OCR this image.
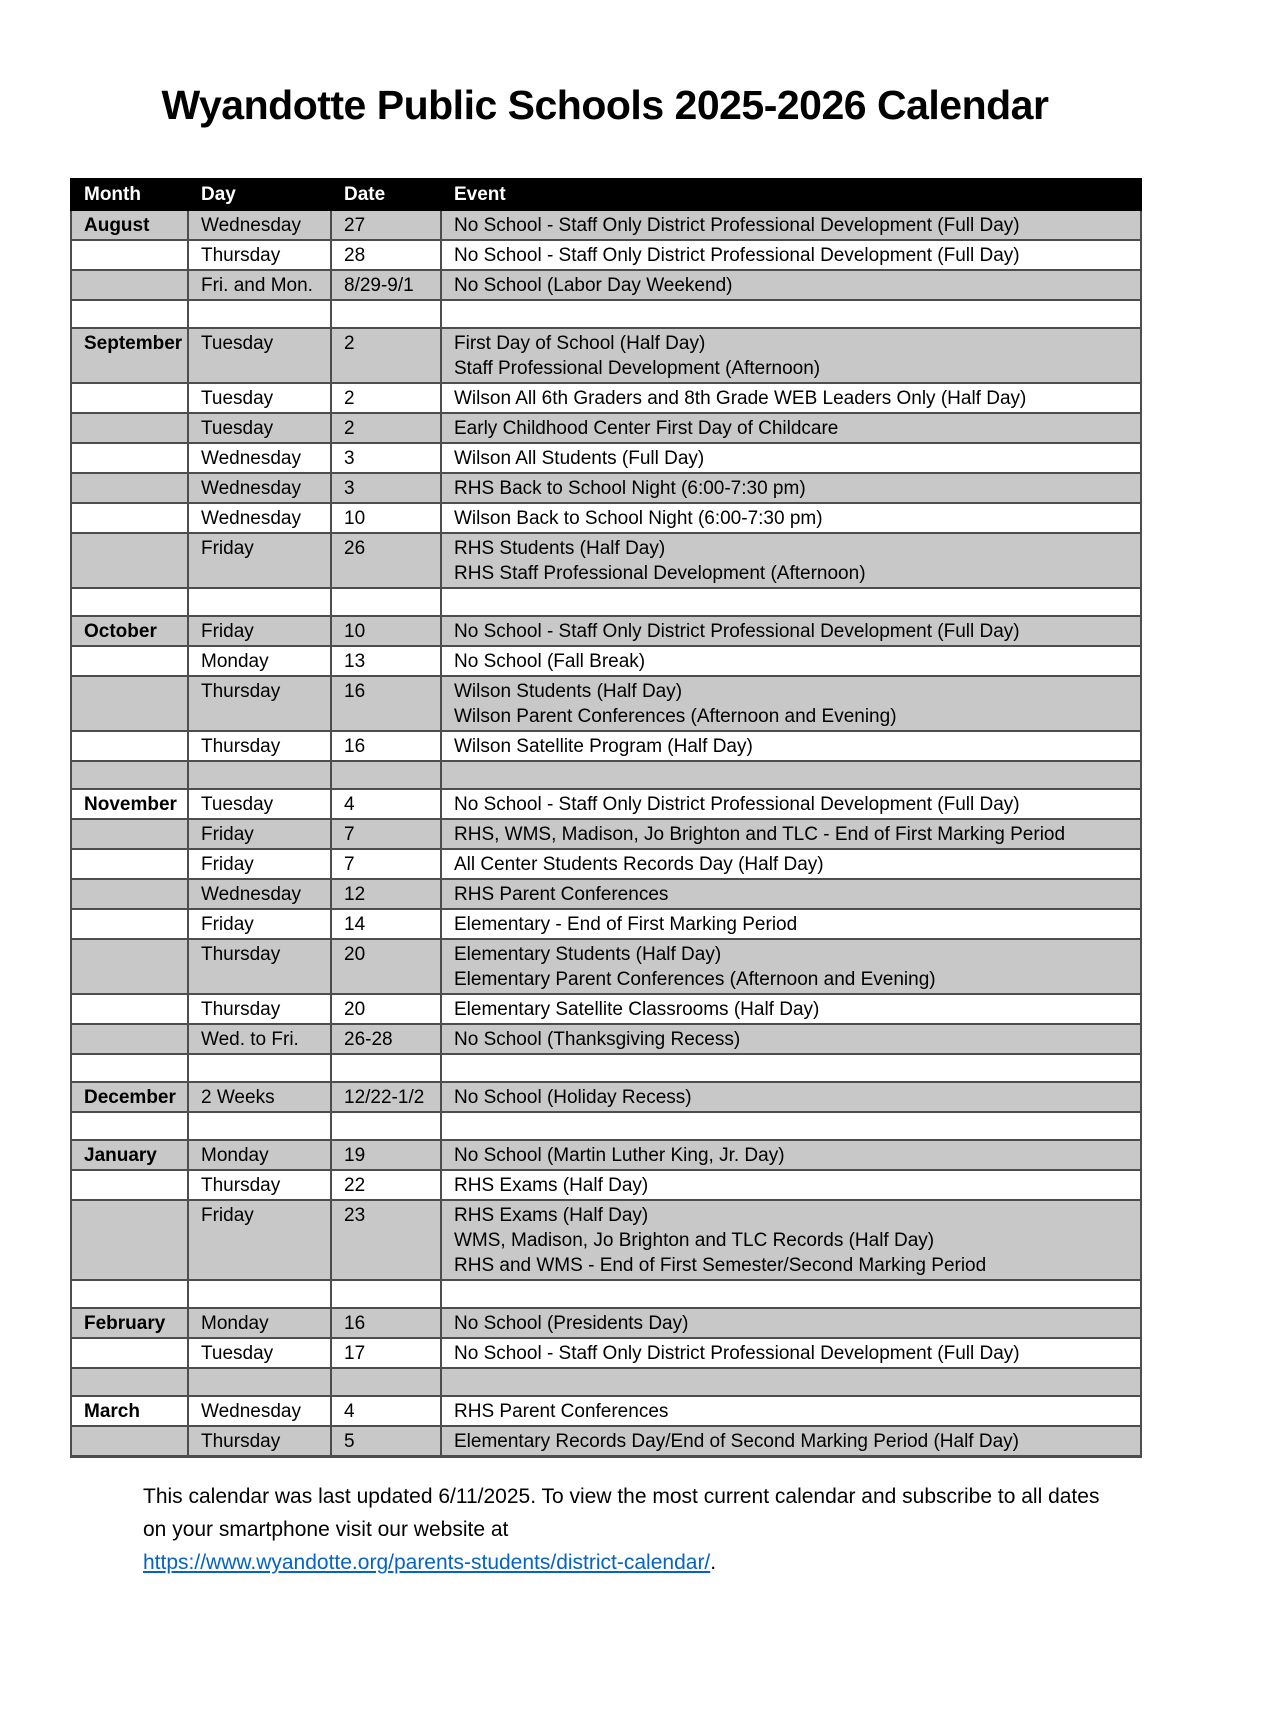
Wyandotte Public Schools 2025-2026 Calendar
Month	Day	Date	Event
August	Wednesday	27	No School - Staff Only District Professional Development (Full Day)

	Thursday	28	No School - Staff Only District Professional Development (Full Day)

	Fri. and Mon.	8/29-9/1	No School (Labor Day Weekend)

September	Tuesday	2	First Day of School (Half Day)
Staff Professional Development (Afternoon)

	Tuesday	2	Wilson All 6th Graders and 8th Grade WEB Leaders Only (Half Day)

	Tuesday	2	Early Childhood Center First Day of Childcare

	Wednesday	3	Wilson All Students (Full Day)

	Wednesday	3	RHS Back to School Night (6:00-7:30 pm)

	Wednesday	10	Wilson Back to School Night (6:00-7:30 pm)

	Friday	26	RHS Students (Half Day)
RHS Staff Professional Development (Afternoon)

October	Friday	10	No School - Staff Only District Professional Development (Full Day)

	Monday	13	No School (Fall Break)

	Thursday	16	Wilson Students (Half Day)
Wilson Parent Conferences (Afternoon and Evening)

	Thursday	16	Wilson Satellite Program (Half Day)

November	Tuesday	4	No School - Staff Only District Professional Development (Full Day)

	Friday	7	RHS, WMS, Madison, Jo Brighton and TLC - End of First Marking Period

	Friday	7	All Center Students Records Day (Half Day)

	Wednesday	12	RHS Parent Conferences

	Friday	14	Elementary - End of First Marking Period

	Thursday	20	Elementary Students (Half Day)
Elementary Parent Conferences (Afternoon and Evening)

	Thursday	20	Elementary Satellite Classrooms (Half Day)

	Wed. to Fri.	26-28	No School (Thanksgiving Recess)

December	2 Weeks	12/22-1/2	No School (Holiday Recess)

January	Monday	19	No School (Martin Luther King, Jr. Day)

	Thursday	22	RHS Exams (Half Day)

	Friday	23	RHS Exams (Half Day)
WMS, Madison, Jo Brighton and TLC Records (Half Day)
RHS and WMS - End of First Semester/Second Marking Period

February	Monday	16	No School (Presidents Day)

	Tuesday	17	No School - Staff Only District Professional Development (Full Day)

March	Wednesday	4	RHS Parent Conferences

	Thursday	5	Elementary Records Day/End of Second Marking Period (Half Day)
This calendar was last updated 6/11/2025. To view the most current calendar and subscribe to all dates
on your smartphone visit our website at
https://www.wyandotte.org/parents-students/district-calendar/.
